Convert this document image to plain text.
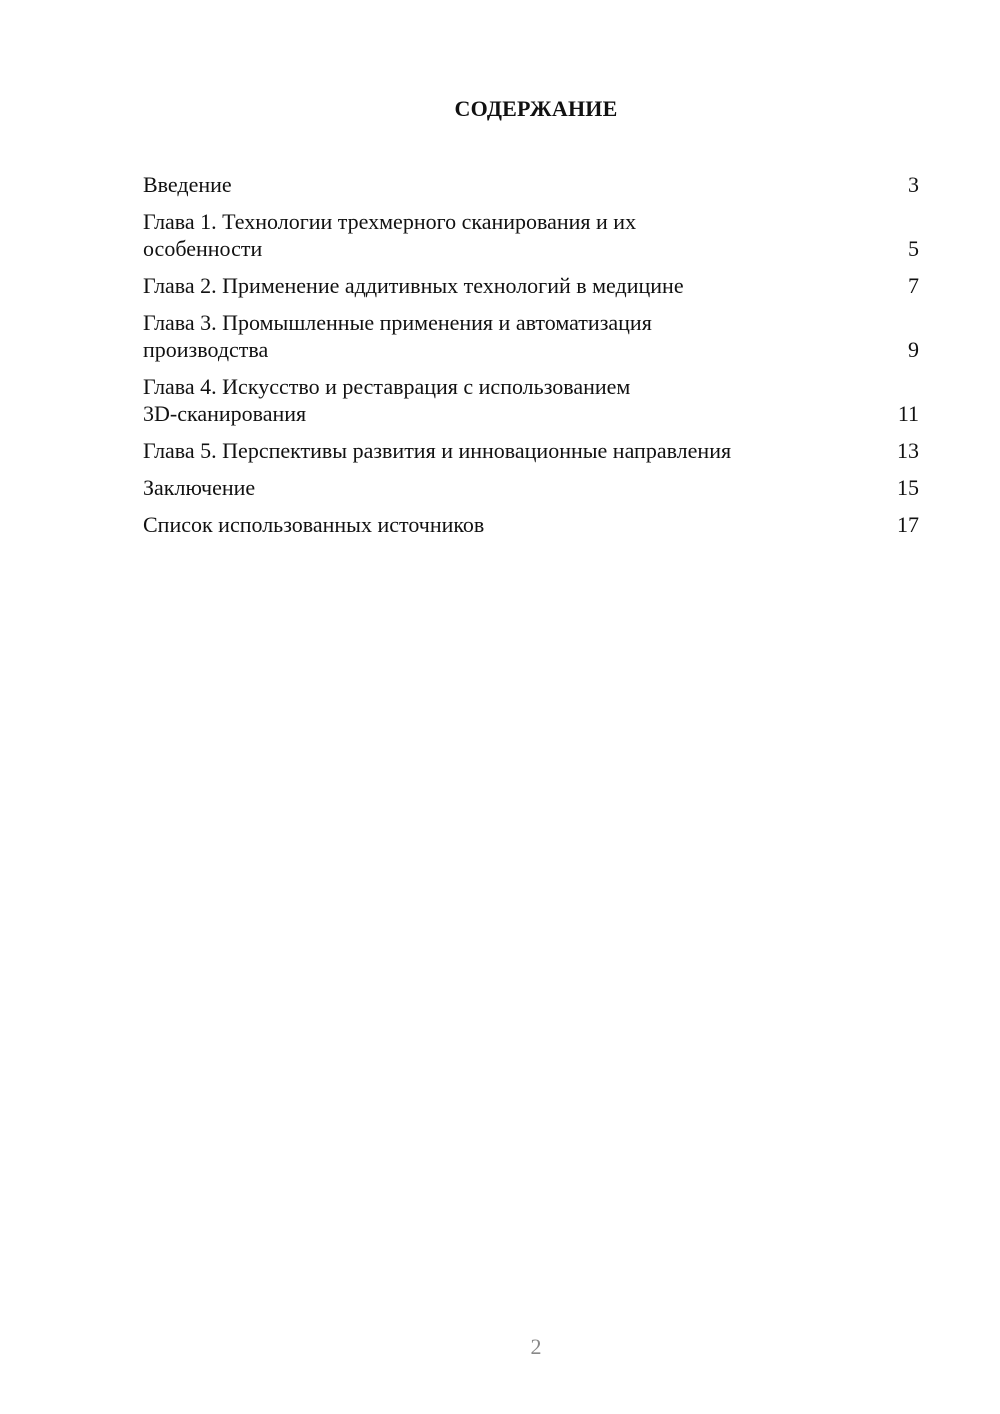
СОДЕРЖАНИЕ
Введение	3
Глава 1. Технологии трехмерного сканирования и их
особенности	5
Глава 2. Применение аддитивных технологий в медицине	7
Глава 3. Промышленные применения и автоматизация
производства	9
Глава 4. Искусство и реставрация с использованием
3D-сканирования	11
Глава 5. Перспективы развития и инновационные направления	13
Заключение	15
Список использованных источников	17
2
